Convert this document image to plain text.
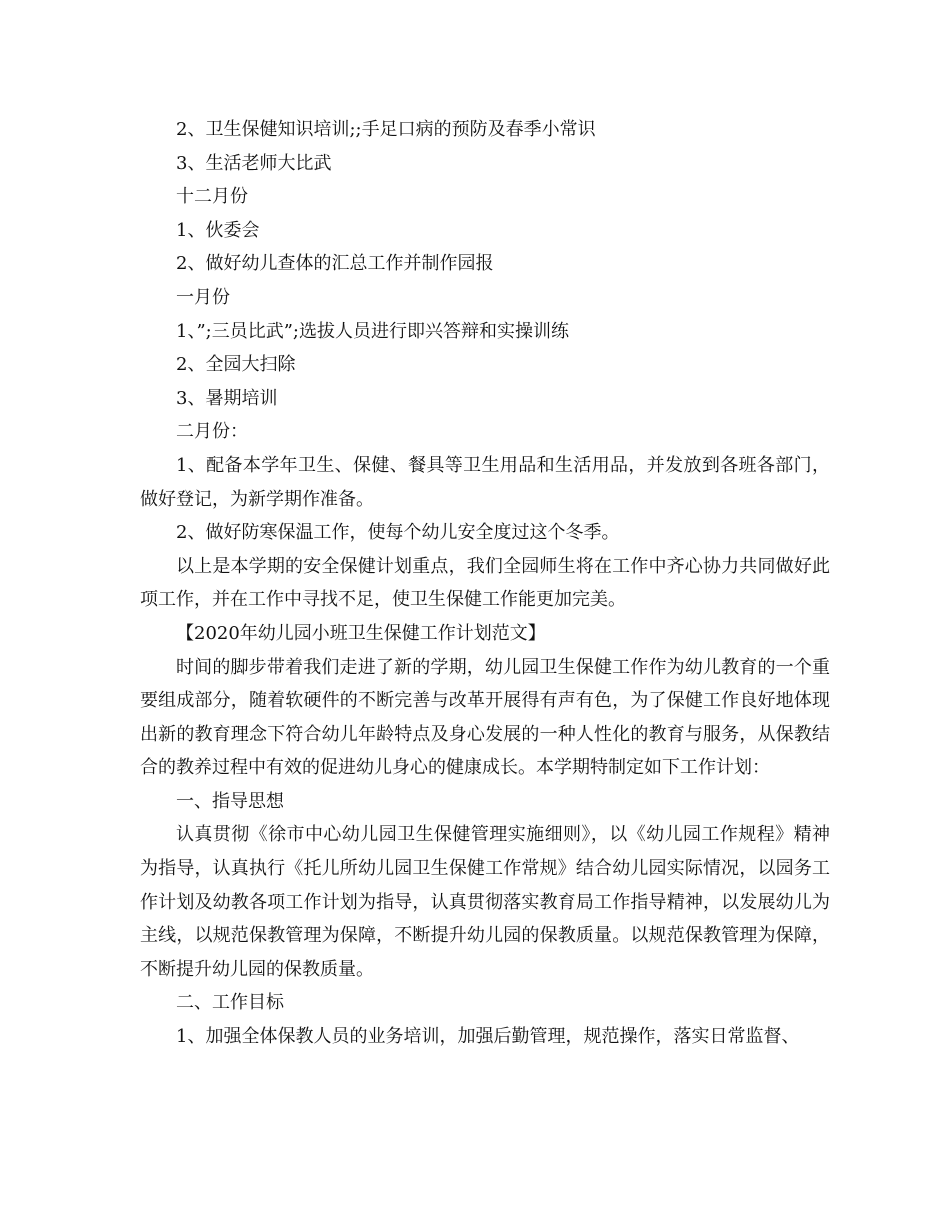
2、卫生保健知识培训;;手足口病的预防及春季小常识

3、生活老师大比武

十二月份

1、伙委会

2、做好幼儿查体的汇总工作并制作园报

一月份

1、”;三员比武”;选拔人员进行即兴答辩和实操训练

2、全园大扫除

3、暑期培训

二月份：

1、配备本学年卫生、保健、餐具等卫生用品和生活用品，并发放到各班各部门，做好登记，为新学期作准备。

2、做好防寒保温工作，使每个幼儿安全度过这个冬季。

以上是本学期的安全保健计划重点，我们全园师生将在工作中齐心协力共同做好此项工作，并在工作中寻找不足，使卫生保健工作能更加完美。

【2020年幼儿园小班卫生保健工作计划范文】

时间的脚步带着我们走进了新的学期，幼儿园卫生保健工作作为幼儿教育的一个重要组成部分，随着软硬件的不断完善与改革开展得有声有色，为了保健工作良好地体现出新的教育理念下符合幼儿年龄特点及身心发展的一种人性化的教育与服务，从保教结合的教养过程中有效的促进幼儿身心的健康成长。本学期特制定如下工作计划：

一、指导思想

认真贯彻《徐市中心幼儿园卫生保健管理实施细则》，以《幼儿园工作规程》精神为指导，认真执行《托儿所幼儿园卫生保健工作常规》结合幼儿园实际情况，以园务工作计划及幼教各项工作计划为指导，认真贯彻落实教育局工作指导精神，以发展幼儿为主线，以规范保教管理为保障，不断提升幼儿园的保教质量。以规范保教管理为保障，不断提升幼儿园的保教质量。

二、工作目标

1、加强全体保教人员的业务培训，加强后勤管理，规范操作，落实日常监督、
